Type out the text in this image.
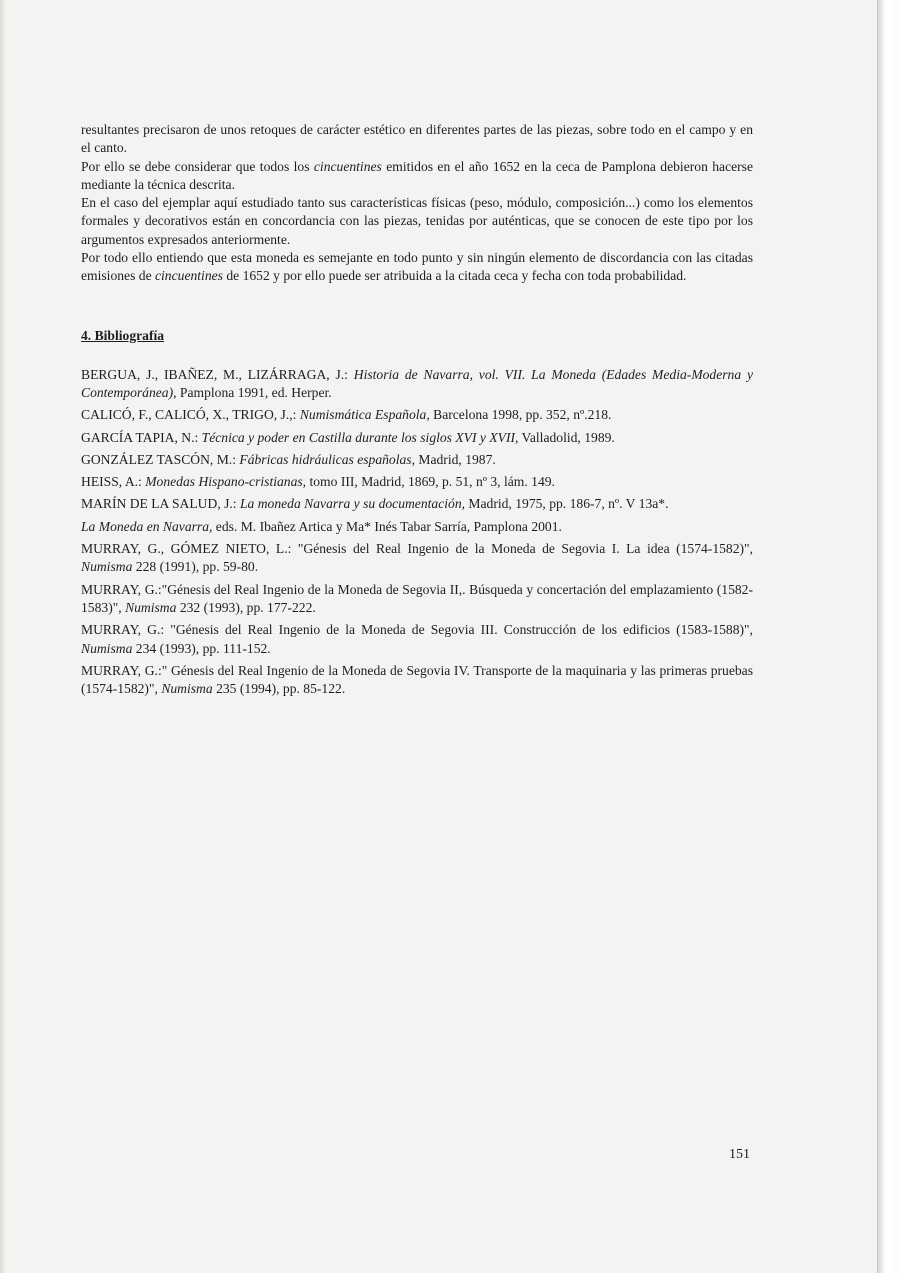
resultantes precisaron de unos retoques de carácter estético en diferentes partes de las piezas, sobre todo en el campo y en el canto.

Por ello se debe considerar que todos los cincuentines emitidos en el año 1652 en la ceca de Pamplona debieron hacerse mediante la técnica descrita.

En el caso del ejemplar aquí estudiado tanto sus características físicas (peso, módulo, composición...) como los elementos formales y decorativos están en concordancia con las piezas, tenidas por auténticas, que se conocen de este tipo por los argumentos expresados anteriormente.

Por todo ello entiendo que esta moneda es semejante en todo punto y sin ningún elemento de discordancia con las citadas emisiones de cincuentines de 1652 y por ello puede ser atribuida a la citada ceca y fecha con toda probabilidad.

4. Bibliografía

BERGUA, J., IBAÑEZ, M., LIZÁRRAGA, J.: Historia de Navarra, vol. VII. La Moneda (Edades Media-Moderna y Contemporánea), Pamplona 1991, ed. Herper.

CALICÓ, F., CALICÓ, X., TRIGO, J.,: Numismática Española, Barcelona 1998, pp. 352, nº.218.

GARCÍA TAPIA, N.: Técnica y poder en Castilla durante los siglos XVI y XVII, Valladolid, 1989.

GONZÁLEZ TASCÓN, M.: Fábricas hidráulicas españolas, Madrid, 1987.

HEISS, A.: Monedas Hispano-cristianas, tomo III, Madrid, 1869, p. 51, nº 3, lám. 149.

MARÍN DE LA SALUD, J.: La moneda Navarra y su documentación, Madrid, 1975, pp. 186-7, nº. V 13a*.

La Moneda en Navarra, eds. M. Ibañez Artica y Ma* Inés Tabar Sarría, Pamplona 2001.

MURRAY, G., GÓMEZ NIETO, L.: "Génesis del Real Ingenio de la Moneda de Segovia I. La idea (1574-1582)", Numisma 228 (1991), pp. 59-80.

MURRAY, G.:"Génesis del Real Ingenio de la Moneda de Segovia II,. Búsqueda y concertación del emplazamiento (1582-1583)", Numisma 232 (1993), pp. 177-222.

MURRAY, G.: "Génesis del Real Ingenio de la Moneda de Segovia III. Construcción de los edificios (1583-1588)", Numisma 234 (1993), pp. 111-152.

MURRAY, G.:" Génesis del Real Ingenio de la Moneda de Segovia IV. Transporte de la maquinaria y las primeras pruebas (1574-1582)", Numisma 235 (1994), pp. 85-122.

151
